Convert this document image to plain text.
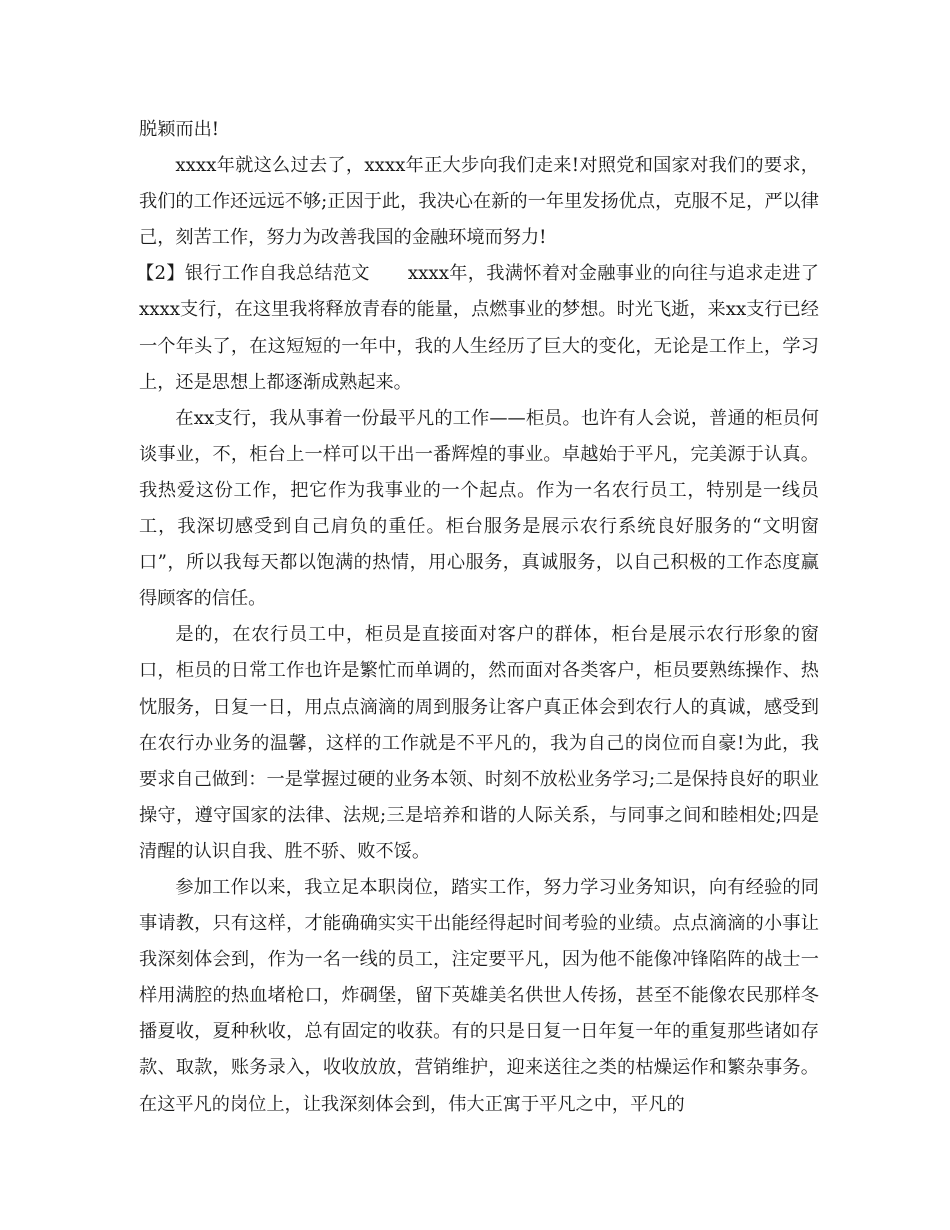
脱颖而出!

xxxx年就这么过去了，xxxx年正大步向我们走来!对照党和国家对我们的要求，我们的工作还远远不够;正因于此，我决心在新的一年里发扬优点，克服不足，严以律己，刻苦工作，努力为改善我国的金融环境而努力!

【2】银行工作自我总结范文 xxxx年，我满怀着对金融事业的向往与追求走进了xxxx支行，在这里我将释放青春的能量，点燃事业的梦想。时光飞逝，来xx支行已经一个年头了，在这短短的一年中，我的人生经历了巨大的变化，无论是工作上，学习上，还是思想上都逐渐成熟起来。

在xx支行，我从事着一份最平凡的工作——柜员。也许有人会说，普通的柜员何谈事业，不，柜台上一样可以干出一番辉煌的事业。卓越始于平凡，完美源于认真。我热爱这份工作，把它作为我事业的一个起点。作为一名农行员工，特别是一线员工，我深切感受到自己肩负的重任。柜台服务是展示农行系统良好服务的“文明窗口”，所以我每天都以饱满的热情，用心服务，真诚服务，以自己积极的工作态度赢得顾客的信任。

是的，在农行员工中，柜员是直接面对客户的群体，柜台是展示农行形象的窗口，柜员的日常工作也许是繁忙而单调的，然而面对各类客户，柜员要熟练操作、热忱服务，日复一日，用点点滴滴的周到服务让客户真正体会到农行人的真诚，感受到在农行办业务的温馨，这样的工作就是不平凡的，我为自己的岗位而自豪!为此，我要求自己做到：一是掌握过硬的业务本领、时刻不放松业务学习;二是保持良好的职业操守，遵守国家的法律、法规;三是培养和谐的人际关系，与同事之间和睦相处;四是清醒的认识自我、胜不骄、败不馁。

参加工作以来，我立足本职岗位，踏实工作，努力学习业务知识，向有经验的同事请教，只有这样，才能确确实实干出能经得起时间考验的业绩。点点滴滴的小事让我深刻体会到，作为一名一线的员工，注定要平凡，因为他不能像冲锋陷阵的战士一样用满腔的热血堵枪口，炸碉堡，留下英雄美名供世人传扬，甚至不能像农民那样冬播夏收，夏种秋收，总有固定的收获。有的只是日复一日年复一年的重复那些诸如存款、取款，账务录入，收收放放，营销维护，迎来送往之类的枯燥运作和繁杂事务。在这平凡的岗位上，让我深刻体会到，伟大正寓于平凡之中，平凡的
